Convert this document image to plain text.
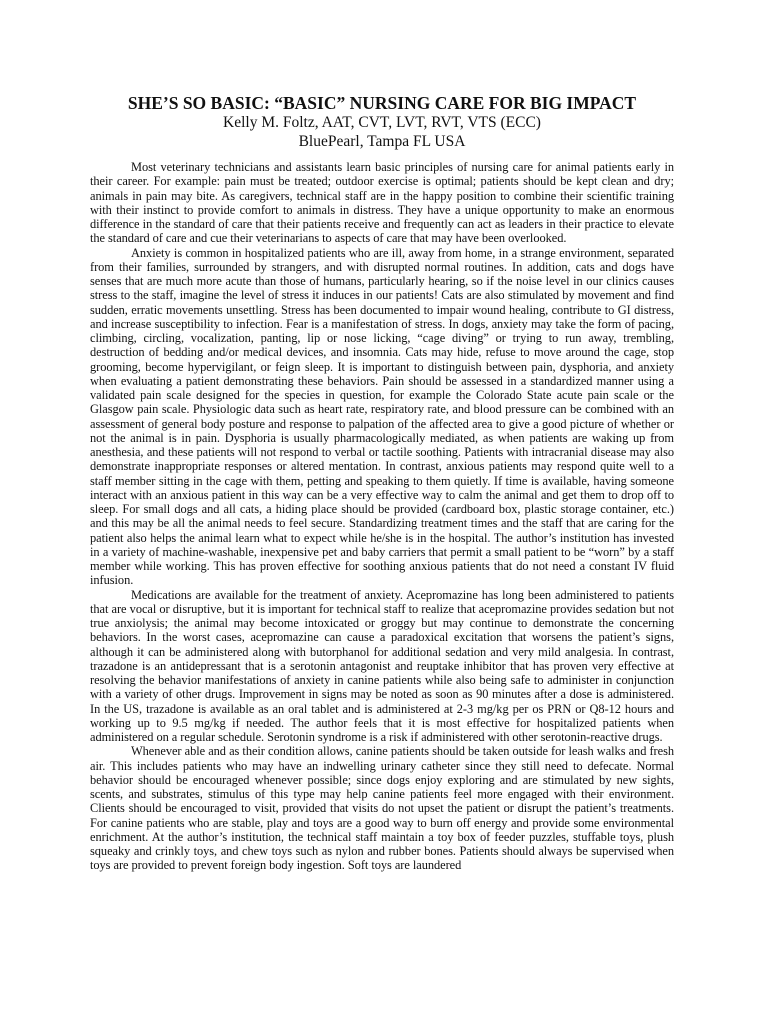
SHE’S SO BASIC: “BASIC” NURSING CARE FOR BIG IMPACT

Kelly M. Foltz, AAT, CVT, LVT, RVT, VTS (ECC)

BluePearl, Tampa FL USA

Most veterinary technicians and assistants learn basic principles of nursing care for animal patients early in their career. For example: pain must be treated; outdoor exercise is optimal; patients should be kept clean and dry; animals in pain may bite. As caregivers, technical staff are in the happy position to combine their scientific training with their instinct to provide comfort to animals in distress. They have a unique opportunity to make an enormous difference in the standard of care that their patients receive and frequently can act as leaders in their practice to elevate the standard of care and cue their veterinarians to aspects of care that may have been overlooked.

Anxiety is common in hospitalized patients who are ill, away from home, in a strange environment, separated from their families, surrounded by strangers, and with disrupted normal routines. In addition, cats and dogs have senses that are much more acute than those of humans, particularly hearing, so if the noise level in our clinics causes stress to the staff, imagine the level of stress it induces in our patients! Cats are also stimulated by movement and find sudden, erratic movements unsettling. Stress has been documented to impair wound healing, contribute to GI distress, and increase susceptibility to infection. Fear is a manifestation of stress. In dogs, anxiety may take the form of pacing, climbing, circling, vocalization, panting, lip or nose licking, “cage diving” or trying to run away, trembling, destruction of bedding and/or medical devices, and insomnia. Cats may hide, refuse to move around the cage, stop grooming, become hypervigilant, or feign sleep. It is important to distinguish between pain, dysphoria, and anxiety when evaluating a patient demonstrating these behaviors. Pain should be assessed in a standardized manner using a validated pain scale designed for the species in question, for example the Colorado State acute pain scale or the Glasgow pain scale. Physiologic data such as heart rate, respiratory rate, and blood pressure can be combined with an assessment of general body posture and response to palpation of the affected area to give a good picture of whether or not the animal is in pain. Dysphoria is usually pharmacologically mediated, as when patients are waking up from anesthesia, and these patients will not respond to verbal or tactile soothing. Patients with intracranial disease may also demonstrate inappropriate responses or altered mentation. In contrast, anxious patients may respond quite well to a staff member sitting in the cage with them, petting and speaking to them quietly. If time is available, having someone interact with an anxious patient in this way can be a very effective way to calm the animal and get them to drop off to sleep. For small dogs and all cats, a hiding place should be provided (cardboard box, plastic storage container, etc.) and this may be all the animal needs to feel secure. Standardizing treatment times and the staff that are caring for the patient also helps the animal learn what to expect while he/she is in the hospital. The author’s institution has invested in a variety of machine-washable, inexpensive pet and baby carriers that permit a small patient to be “worn” by a staff member while working. This has proven effective for soothing anxious patients that do not need a constant IV fluid infusion.

Medications are available for the treatment of anxiety. Acepromazine has long been administered to patients that are vocal or disruptive, but it is important for technical staff to realize that acepromazine provides sedation but not true anxiolysis; the animal may become intoxicated or groggy but may continue to demonstrate the concerning behaviors. In the worst cases, acepromazine can cause a paradoxical excitation that worsens the patient’s signs, although it can be administered along with butorphanol for additional sedation and very mild analgesia. In contrast, trazadone is an antidepressant that is a serotonin antagonist and reuptake inhibitor that has proven very effective at resolving the behavior manifestations of anxiety in canine patients while also being safe to administer in conjunction with a variety of other drugs. Improvement in signs may be noted as soon as 90 minutes after a dose is administered. In the US, trazadone is available as an oral tablet and is administered at 2-3 mg/kg per os PRN or Q8-12 hours and working up to 9.5 mg/kg if needed. The author feels that it is most effective for hospitalized patients when administered on a regular schedule. Serotonin syndrome is a risk if administered with other serotonin-reactive drugs.

Whenever able and as their condition allows, canine patients should be taken outside for leash walks and fresh air. This includes patients who may have an indwelling urinary catheter since they still need to defecate. Normal behavior should be encouraged whenever possible; since dogs enjoy exploring and are stimulated by new sights, scents, and substrates, stimulus of this type may help canine patients feel more engaged with their environment. Clients should be encouraged to visit, provided that visits do not upset the patient or disrupt the patient’s treatments. For canine patients who are stable, play and toys are a good way to burn off energy and provide some environmental enrichment. At the author’s institution, the technical staff maintain a toy box of feeder puzzles, stuffable toys, plush squeaky and crinkly toys, and chew toys such as nylon and rubber bones. Patients should always be supervised when toys are provided to prevent foreign body ingestion. Soft toys are laundered
